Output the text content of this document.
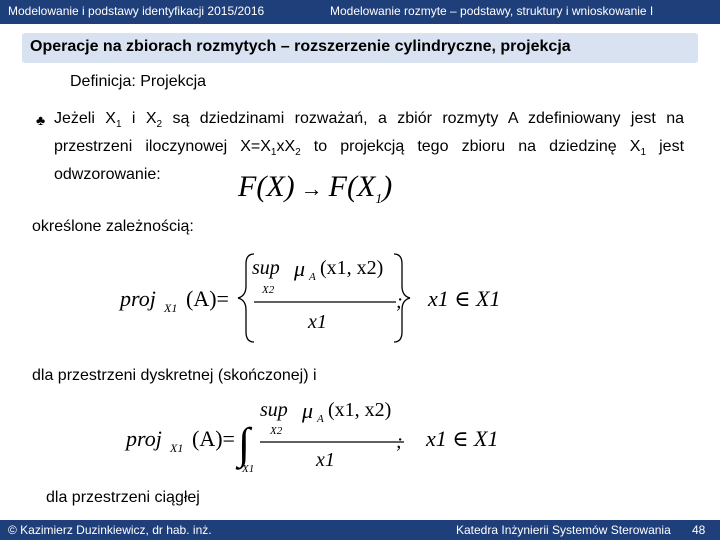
Modelowanie i podstawy identyfikacji 2015/2016	Modelowanie rozmyte – podstawy, struktury i wnioskowanie I
Operacje na zbiorach rozmytych – rozszerzenie cylindryczne, projekcja
Definicja: Projekcja
♣ Jeżeli $X_1$ i $X_2$ są dziedzinami rozważań, a zbiór rozmyty A zdefiniowany jest na przestrzeni iloczynowej $X=X_1xX_2$ to projekcją tego zbioru na dziedzinę $X_1$ jest odwzorowanie:	$F(X) \to F(X_1)$
określone zależnością:
proj X1 (A)=
sup μ A (x1, x2)
X2
x1
; x1 ∈ X1
dla przestrzeni dyskretnej (skończonej) i
proj X1 (A)= ∫
X1
sup μ A (x1, x2)
X2
x1
; x1 ∈ X1
dla przestrzeni ciągłej
© Kazimierz Duzinkiewicz, dr hab. inż.	Katedra Inżynierii Systemów Sterowania 48
